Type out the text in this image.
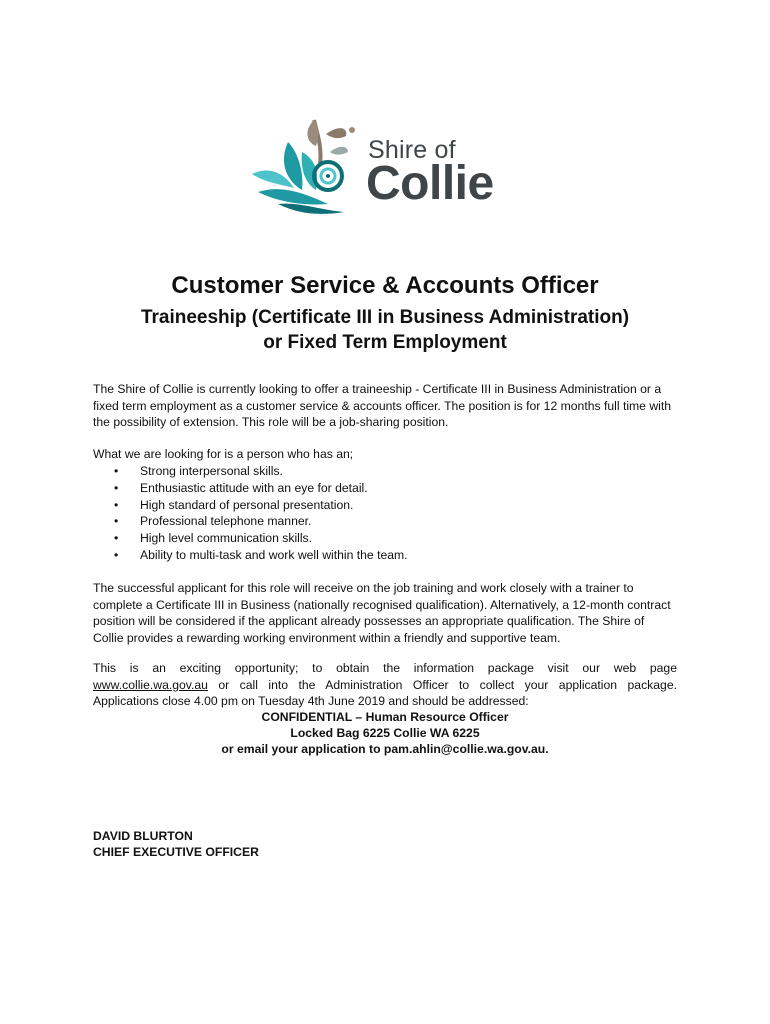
Shire of
Collie
Customer Service & Accounts Officer
Traineeship (Certificate III in Business Administration)
or Fixed Term Employment
The Shire of Collie is currently looking to offer a traineeship - Certificate III in Business Administration or a fixed term employment as a customer service & accounts officer. The position is for 12 months full time with the possibility of extension. This role will be a job-sharing position.
What we are looking for is a person who has an;
• Strong interpersonal skills.
• Enthusiastic attitude with an eye for detail.
• High standard of personal presentation.
• Professional telephone manner.
• High level communication skills.
• Ability to multi-task and work well within the team.
The successful applicant for this role will receive on the job training and work closely with a trainer to complete a Certificate III in Business (nationally recognised qualification). Alternatively, a 12-month contract position will be considered if the applicant already possesses an appropriate qualification. The Shire of Collie provides a rewarding working environment within a friendly and supportive team.
This is an exciting opportunity; to obtain the information package visit our web page
www.collie.wa.gov.au or call into the Administration Officer to collect your application package.
Applications close 4.00 pm on Tuesday 4th June 2019 and should be addressed:
CONFIDENTIAL – Human Resource Officer
Locked Bag 6225 Collie WA 6225
or email your application to pam.ahlin@collie.wa.gov.au.
DAVID BLURTON
CHIEF EXECUTIVE OFFICER
